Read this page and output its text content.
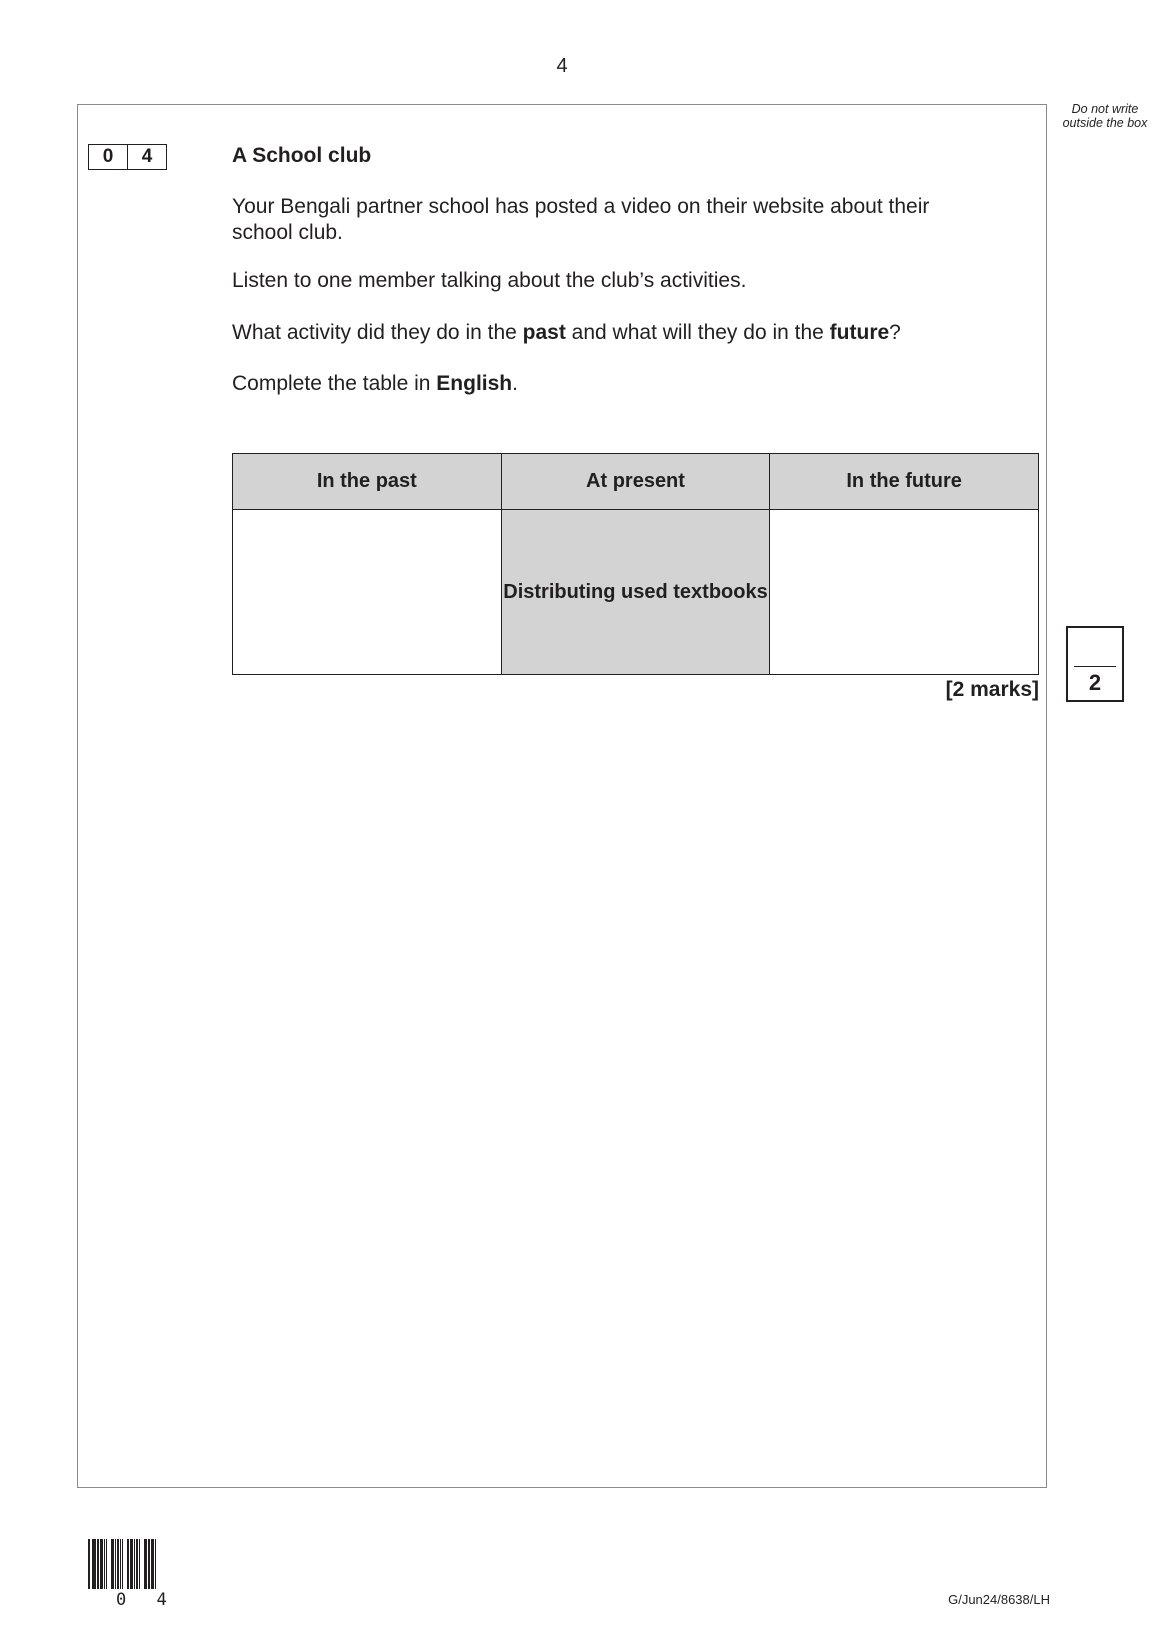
4
Do not write outside the box
0	4	A School club
Your Bengali partner school has posted a video on their website about their school club.
Listen to one member talking about the club’s activities.
What activity did they do in the past and what will they do in the future?
Complete the table in English.
In the past	At present	In the future
	Distributing used textbooks	
[2 marks]	2
0 4	G/Jun24/8638/LH
